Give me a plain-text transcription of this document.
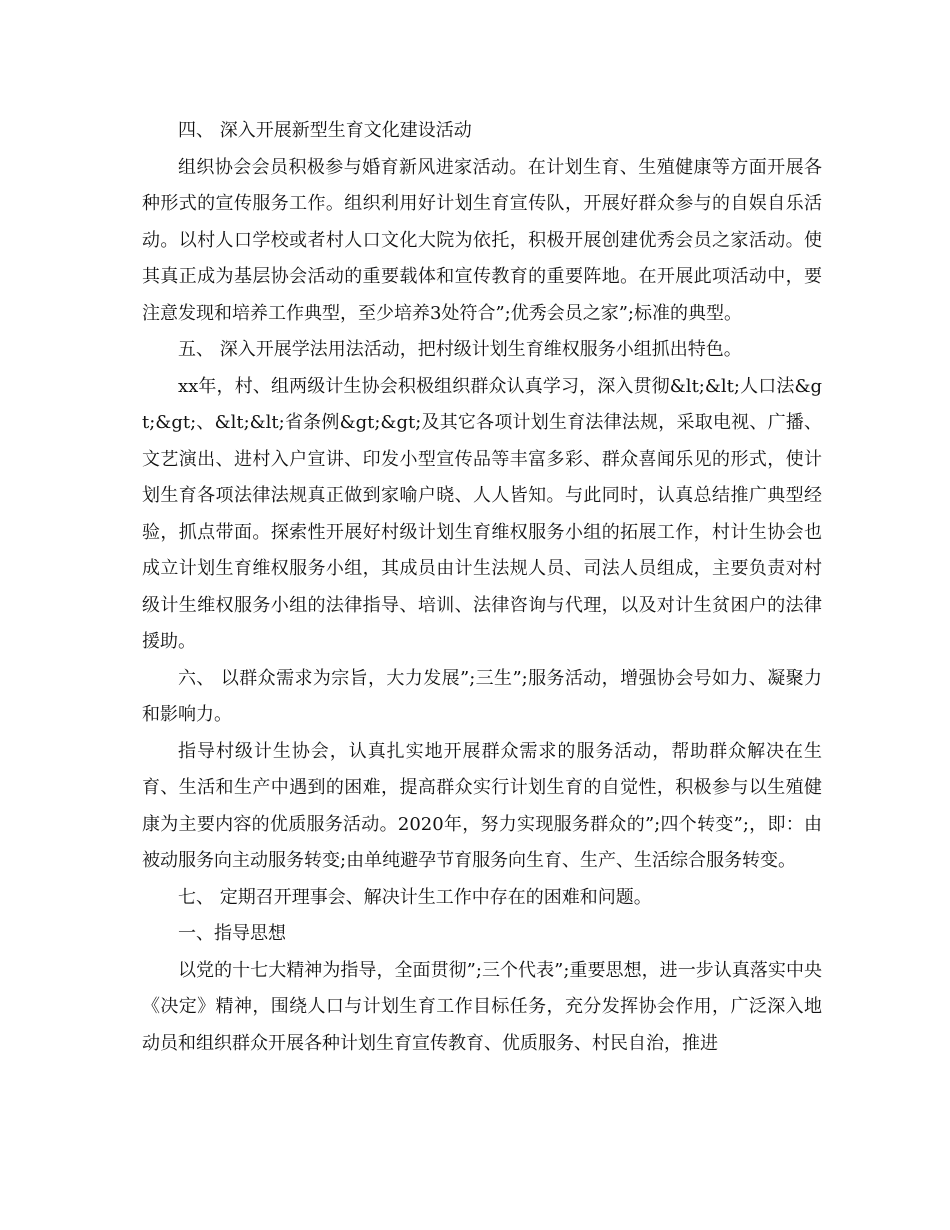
四、 深入开展新型生育文化建设活动

组织协会会员积极参与婚育新风进家活动。在计划生育、生殖健康等方面开展各种形式的宣传服务工作。组织利用好计划生育宣传队，开展好群众参与的自娱自乐活动。以村人口学校或者村人口文化大院为依托，积极开展创建优秀会员之家活动。使其真正成为基层协会活动的重要载体和宣传教育的重要阵地。在开展此项活动中，要注意发现和培养工作典型，至少培养3处符合”;优秀会员之家”;标准的典型。

五、 深入开展学法用法活动，把村级计划生育维权服务小组抓出特色。

xx年，村、组两级计生协会积极组织群众认真学习，深入贯彻&lt;&lt;人口法&gt;&gt;、&lt;&lt;省条例&gt;&gt;及其它各项计划生育法律法规，采取电视、广播、文艺演出、进村入户宣讲、印发小型宣传品等丰富多彩、群众喜闻乐见的形式，使计划生育各项法律法规真正做到家喻户晓、人人皆知。与此同时，认真总结推广典型经验，抓点带面。探索性开展好村级计划生育维权服务小组的拓展工作，村计生协会也成立计划生育维权服务小组，其成员由计生法规人员、司法人员组成，主要负责对村级计生维权服务小组的法律指导、培训、法律咨询与代理，以及对计生贫困户的法律援助。

六、 以群众需求为宗旨，大力发展”;三生”;服务活动，增强协会号如力、凝聚力和影响力。

指导村级计生协会，认真扎实地开展群众需求的服务活动，帮助群众解决在生育、生活和生产中遇到的困难，提高群众实行计划生育的自觉性，积极参与以生殖健康为主要内容的优质服务活动。2020年，努力实现服务群众的”;四个转变”;，即：由被动服务向主动服务转变;由单纯避孕节育服务向生育、生产、生活综合服务转变。

七、 定期召开理事会、解决计生工作中存在的困难和问题。

一、指导思想

以党的十七大精神为指导，全面贯彻”;三个代表”;重要思想，进一步认真落实中央《决定》精神，围绕人口与计划生育工作目标任务，充分发挥协会作用，广泛深入地动员和组织群众开展各种计划生育宣传教育、优质服务、村民自治，推进
